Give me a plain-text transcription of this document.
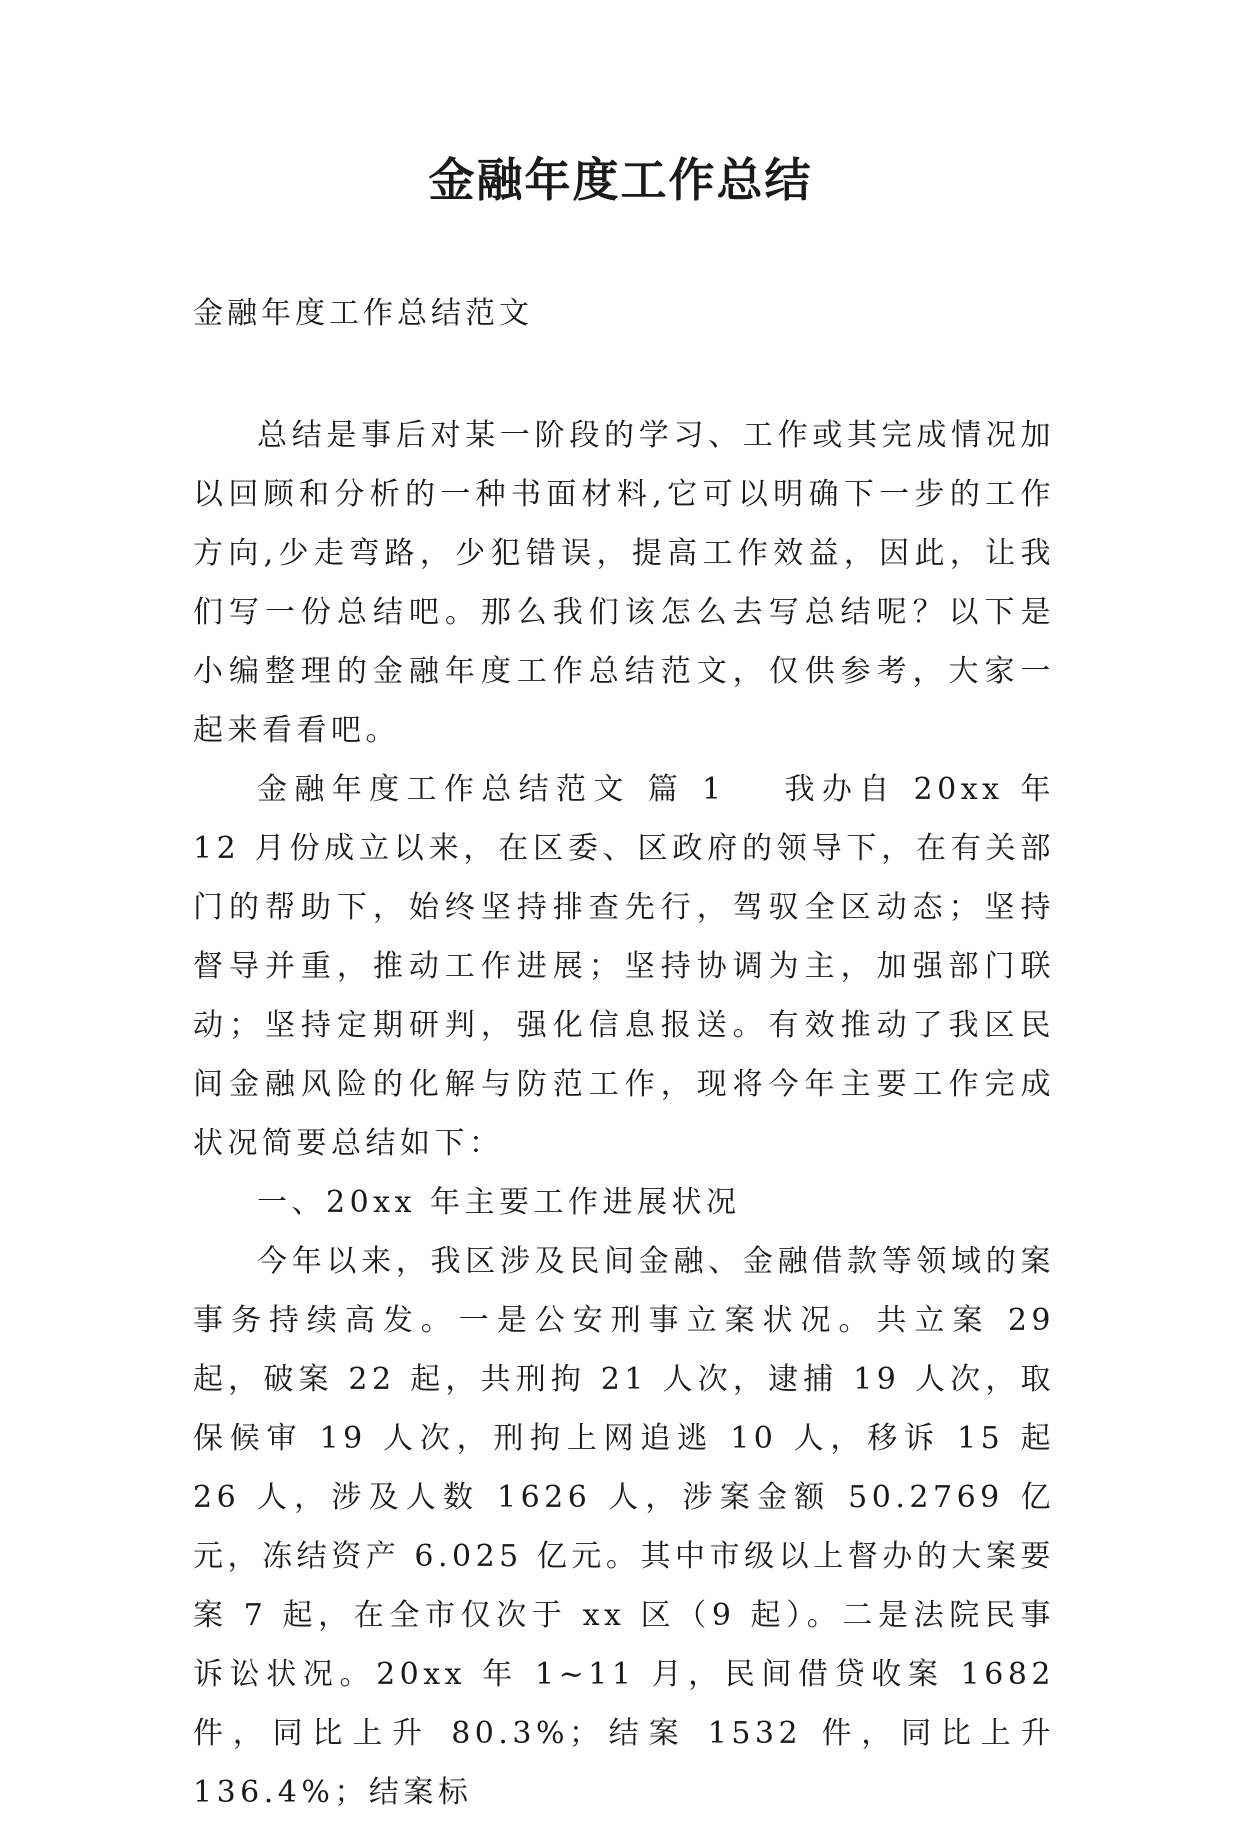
金融年度工作总结

金融年度工作总结范文

总结是事后对某一阶段的学习、工作或其完成情况加以回顾和分析的一种书面材料,它可以明确下一步的工作方向,少走弯路，少犯错误，提高工作效益，因此，让我们写一份总结吧。那么我们该怎么去写总结呢？以下是小编整理的金融年度工作总结范文，仅供参考，大家一起来看看吧。

金融年度工作总结范文 篇 1 我办自 20xx 年 12 月份成立以来，在区委、区政府的领导下，在有关部门的帮助下，始终坚持排查先行，驾驭全区动态；坚持督导并重，推动工作进展；坚持协调为主，加强部门联动；坚持定期研判，强化信息报送。有效推动了我区民间金融风险的化解与防范工作，现将今年主要工作完成状况简要总结如下：

一、20xx 年主要工作进展状况

今年以来，我区涉及民间金融、金融借款等领域的案事务持续高发。一是公安刑事立案状况。共立案 29 起，破案 22 起，共刑拘 21 人次，逮捕 19 人次，取保候审 19 人次，刑拘上网追逃 10 人，移诉 15 起 26 人，涉及人数 1626 人，涉案金额 50.2769 亿元，冻结资产 6.025 亿元。其中市级以上督办的大案要案 7 起，在全市仅次于 xx 区（9 起）。二是法院民事诉讼状况。20xx 年 1~11 月，民间借贷收案 1682 件，同比上升 80.3%；结案 1532 件，同比上升 136.4%；结案标
